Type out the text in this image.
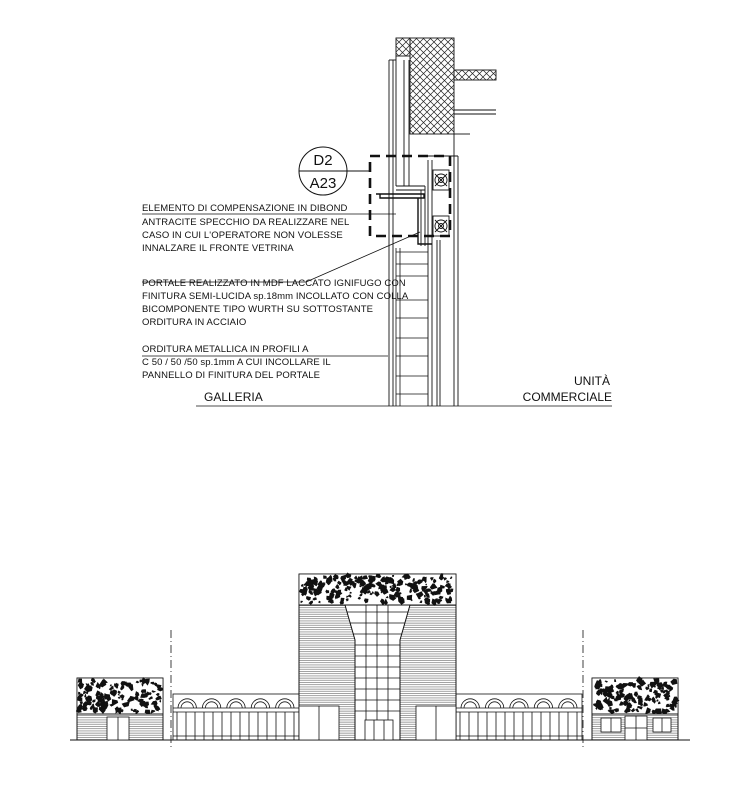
D2
A23
ELEMENTO DI COMPENSAZIONE IN DIBOND
ANTRACITE SPECCHIO DA REALIZZARE NEL
CASO IN CUI L'OPERATORE NON VOLESSE
INNALZARE IL FRONTE VETRINA
PORTALE REALIZZATO IN MDF LACCATO IGNIFUGO CON
FINITURA SEMI-LUCIDA sp.18mm INCOLLATO CON COLLA
BICOMPONENTE TIPO WURTH SU SOTTOSTANTE
ORDITURA IN ACCIAIO
ORDITURA METALLICA IN PROFILI A
C 50 / 50 /50 sp.1mm A CUI INCOLLARE IL
PANNELLO DI FINITURA DEL PORTALE
GALLERIA
UNITÀ
COMMERCIALE
